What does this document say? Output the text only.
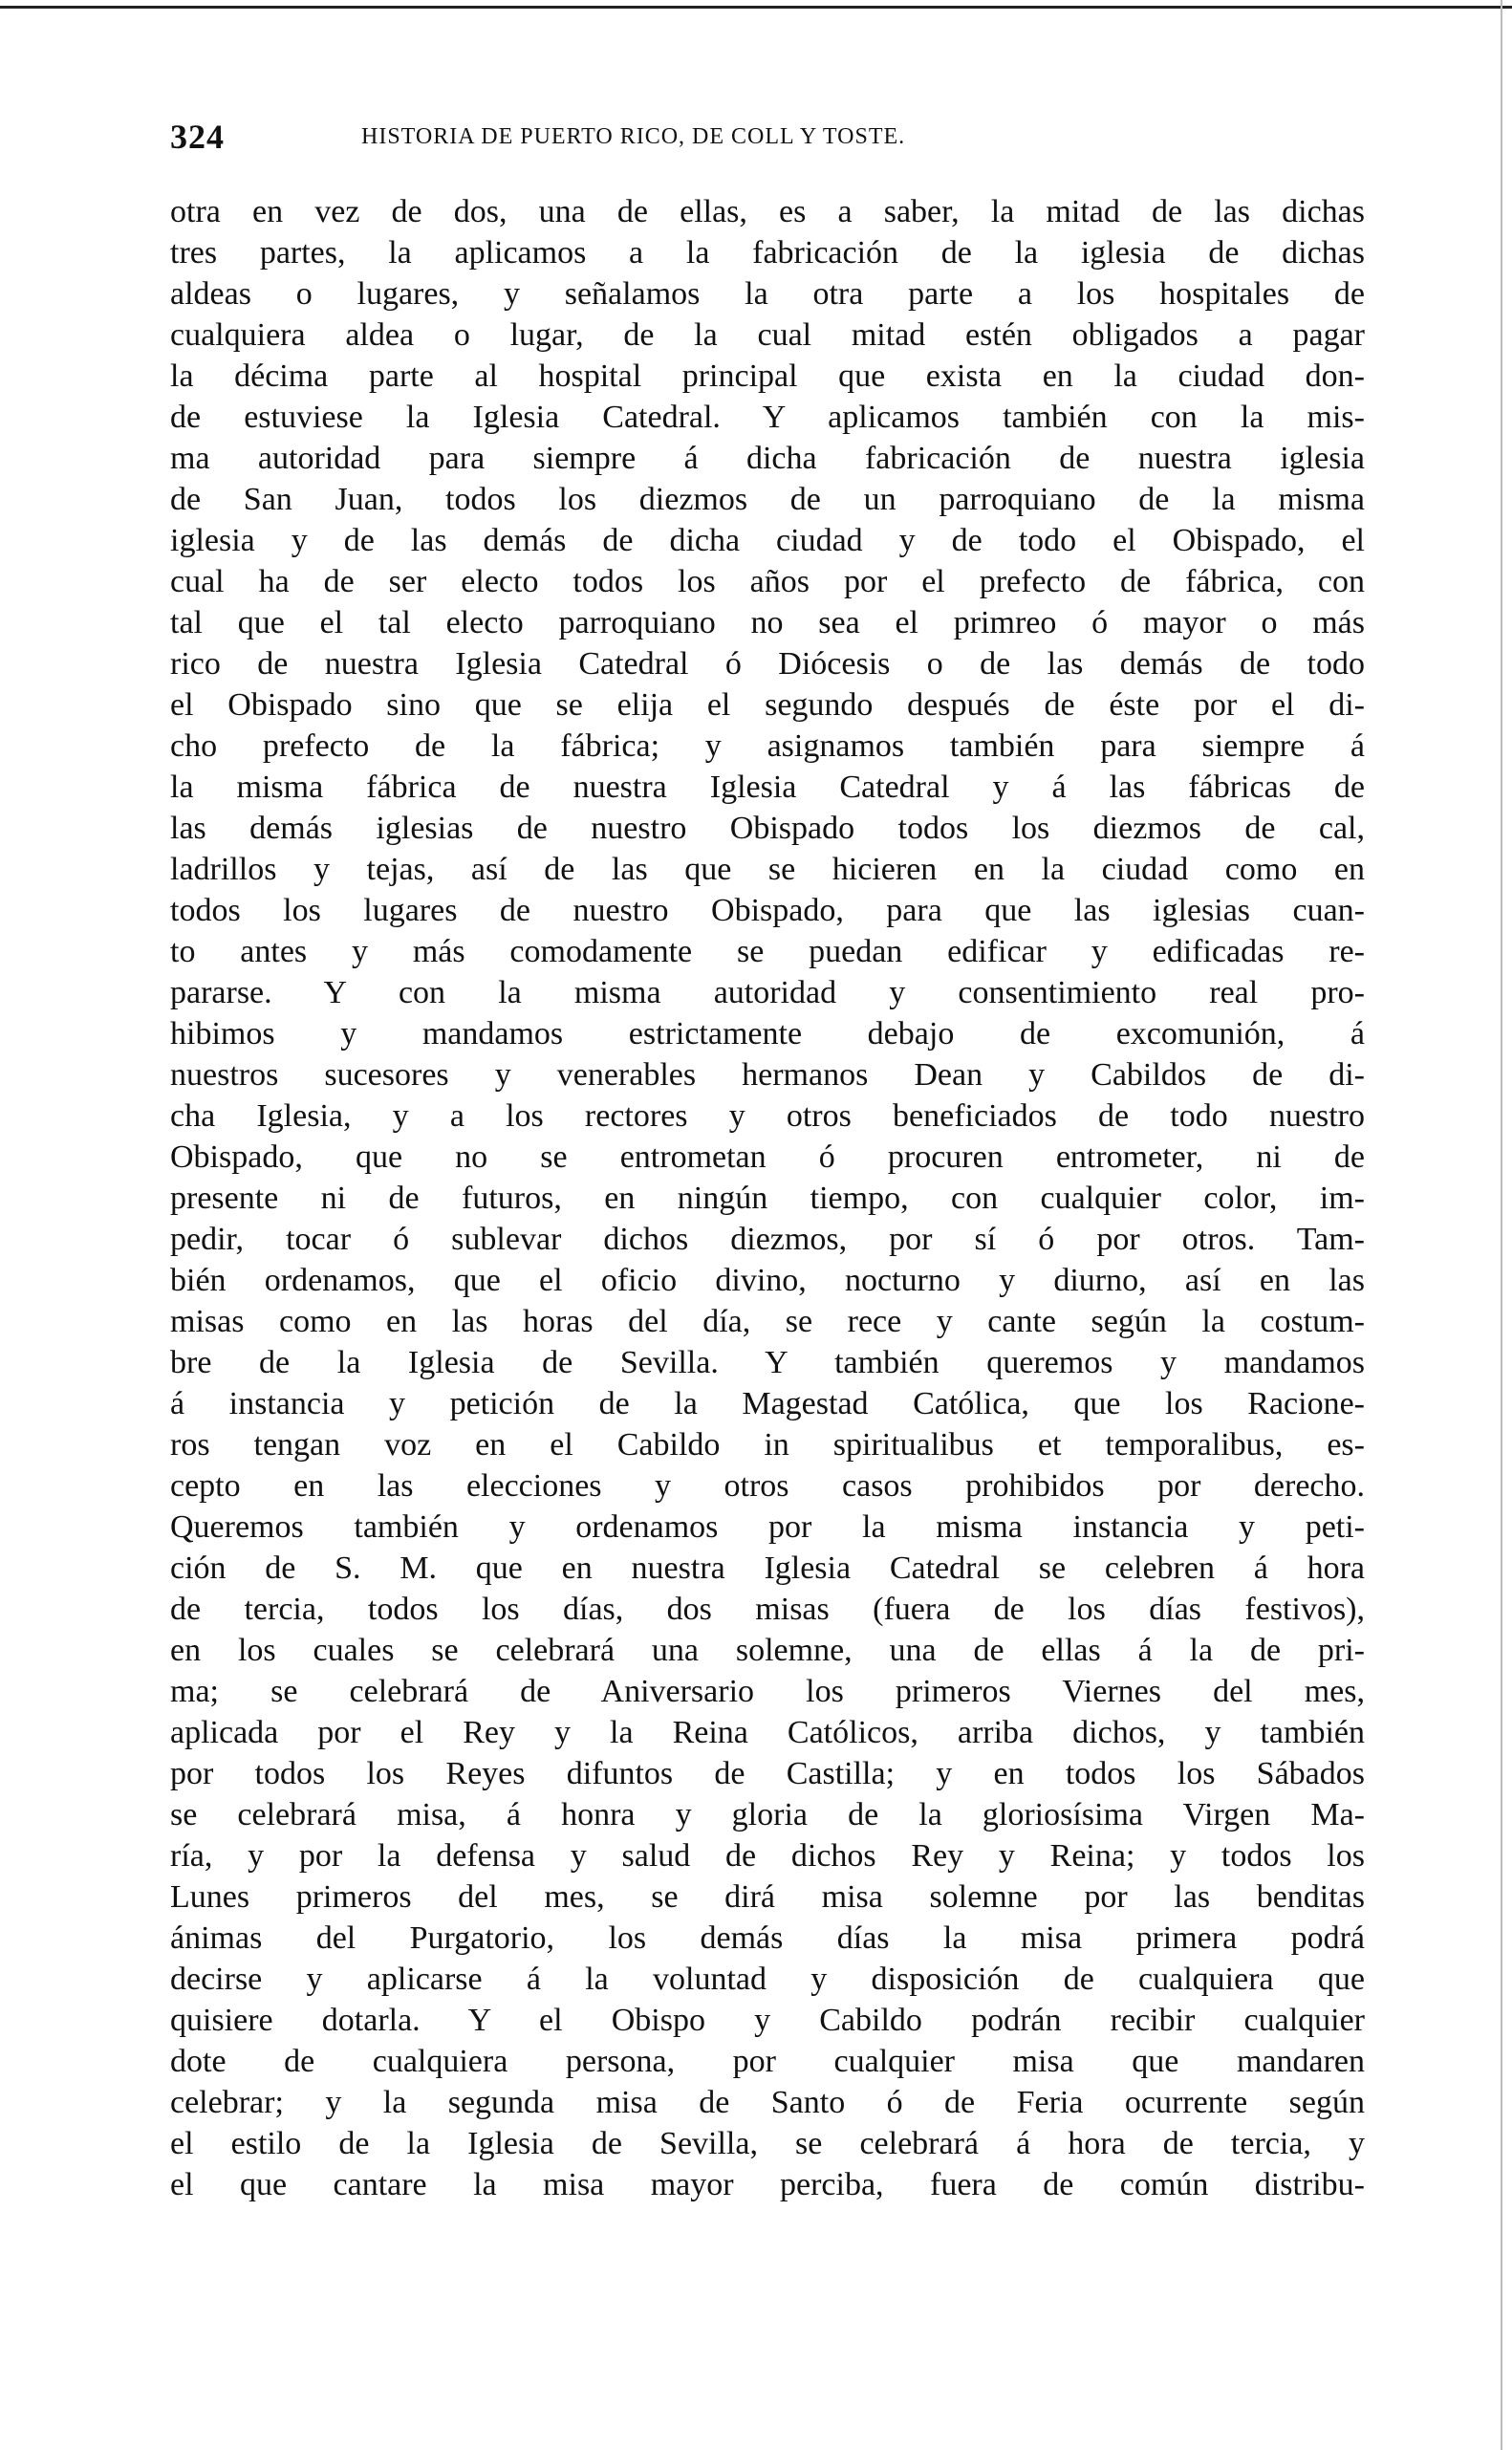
324	HISTORIA DE PUERTO RICO, DE COLL Y TOSTE.
otra en vez de dos, una de ellas, es a saber, la mitad de las dichas
tres partes, la aplicamos a la fabricación de la iglesia de dichas
aldeas o lugares, y señalamos la otra parte a los hospitales de
cualquiera aldea o lugar, de la cual mitad estén obligados a pagar
la décima parte al hospital principal que exista en la ciudad don-
de estuviese la Iglesia Catedral. Y aplicamos también con la mis-
ma autoridad para siempre á dicha fabricación de nuestra iglesia
de San Juan, todos los diezmos de un parroquiano de la misma
iglesia y de las demás de dicha ciudad y de todo el Obispado, el
cual ha de ser electo todos los años por el prefecto de fábrica, con
tal que el tal electo parroquiano no sea el primreo ó mayor o más
rico de nuestra Iglesia Catedral ó Diócesis o de las demás de todo
el Obispado sino que se elija el segundo después de éste por el di-
cho prefecto de la fábrica; y asignamos también para siempre á
la misma fábrica de nuestra Iglesia Catedral y á las fábricas de
las demás iglesias de nuestro Obispado todos los diezmos de cal,
ladrillos y tejas, así de las que se hicieren en la ciudad como en
todos los lugares de nuestro Obispado, para que las iglesias cuan-
to antes y más comodamente se puedan edificar y edificadas re-
pararse. Y con la misma autoridad y consentimiento real pro-
hibimos y mandamos estrictamente debajo de excomunión, á
nuestros sucesores y venerables hermanos Dean y Cabildos de di-
cha Iglesia, y a los rectores y otros beneficiados de todo nuestro
Obispado, que no se entrometan ó procuren entrometer, ni de
presente ni de futuros, en ningún tiempo, con cualquier color, im-
pedir, tocar ó sublevar dichos diezmos, por sí ó por otros. Tam-
bién ordenamos, que el oficio divino, nocturno y diurno, así en las
misas como en las horas del día, se rece y cante según la costum-
bre de la Iglesia de Sevilla. Y también queremos y mandamos
á instancia y petición de la Magestad Católica, que los Racione-
ros tengan voz en el Cabildo in spiritualibus et temporalibus, es-
cepto en las elecciones y otros casos prohibidos por derecho.
Queremos también y ordenamos por la misma instancia y peti-
ción de S. M. que en nuestra Iglesia Catedral se celebren á hora
de tercia, todos los días, dos misas (fuera de los días festivos),
en los cuales se celebrará una solemne, una de ellas á la de pri-
ma; se celebrará de Aniversario los primeros Viernes del mes,
aplicada por el Rey y la Reina Católicos, arriba dichos, y también
por todos los Reyes difuntos de Castilla; y en todos los Sábados
se celebrará misa, á honra y gloria de la gloriosísima Virgen Ma-
ría, y por la defensa y salud de dichos Rey y Reina; y todos los
Lunes primeros del mes, se dirá misa solemne por las benditas
ánimas del Purgatorio, los demás días la misa primera podrá
decirse y aplicarse á la voluntad y disposición de cualquiera que
quisiere dotarla. Y el Obispo y Cabildo podrán recibir cualquier
dote de cualquiera persona, por cualquier misa que mandaren
celebrar; y la segunda misa de Santo ó de Feria ocurrente según
el estilo de la Iglesia de Sevilla, se celebrará á hora de tercia, y
el que cantare la misa mayor perciba, fuera de común distribu-
